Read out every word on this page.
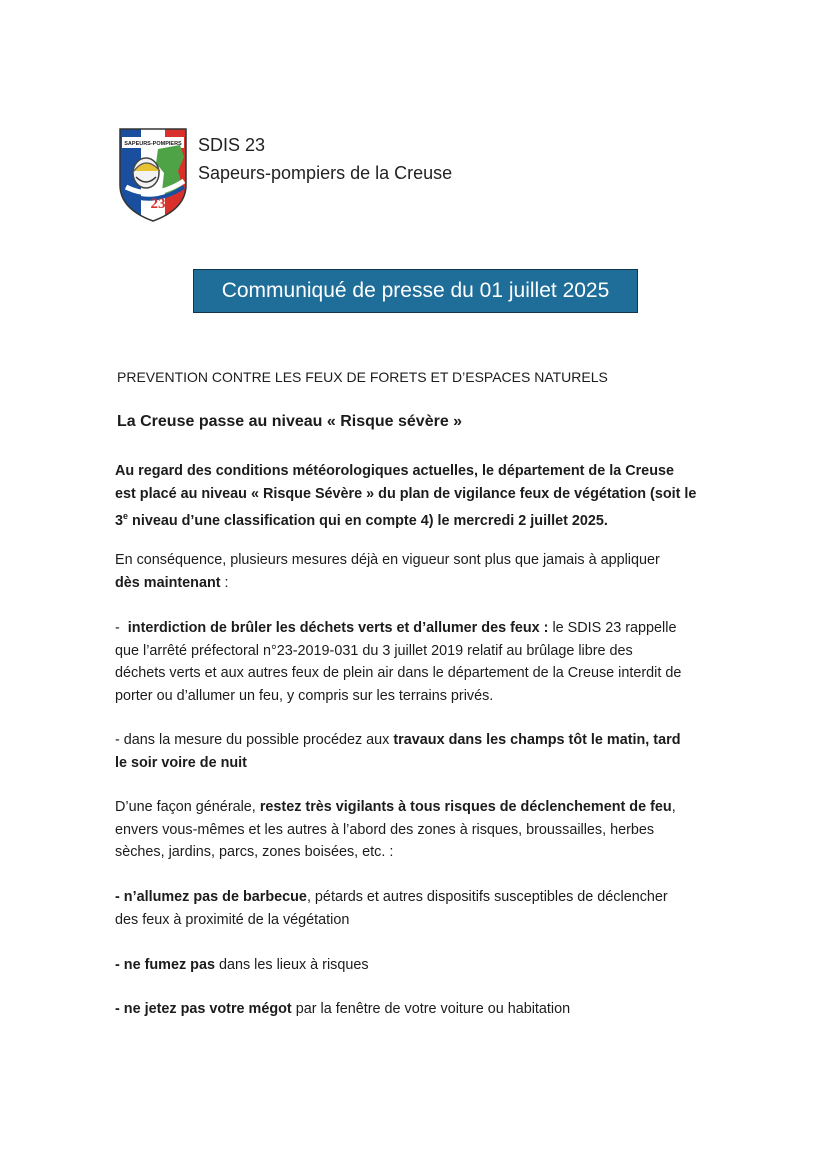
SAPEURS-POMPIERS
23
SDIS 23
Sapeurs-pompiers de la Creuse
Communiqué de presse du 01 juillet 2025
PREVENTION CONTRE LES FEUX DE FORETS ET D’ESPACES NATURELS
La Creuse passe au niveau « Risque sévère »
Au regard des conditions météorologiques actuelles, le département de la Creuse
est placé au niveau « Risque Sévère » du plan de vigilance feux de végétation (soit le
3e niveau d’une classification qui en compte 4) le mercredi 2 juillet 2025.
En conséquence, plusieurs mesures déjà en vigueur sont plus que jamais à appliquer
dès maintenant :
-  interdiction de brûler les déchets verts et d’allumer des feux : le SDIS 23 rappelle
que l’arrêté préfectoral n°23-2019-031 du 3 juillet 2019 relatif au brûlage libre des
déchets verts et aux autres feux de plein air dans le département de la Creuse interdit de
porter ou d’allumer un feu, y compris sur les terrains privés.
- dans la mesure du possible procédez aux travaux dans les champs tôt le matin, tard
le soir voire de nuit
D’une façon générale, restez très vigilants à tous risques de déclenchement de feu,
envers vous-mêmes et les autres à l’abord des zones à risques, broussailles, herbes
sèches, jardins, parcs, zones boisées, etc. :
- n’allumez pas de barbecue, pétards et autres dispositifs susceptibles de déclencher
des feux à proximité de la végétation
- ne fumez pas dans les lieux à risques
- ne jetez pas votre mégot par la fenêtre de votre voiture ou habitation
